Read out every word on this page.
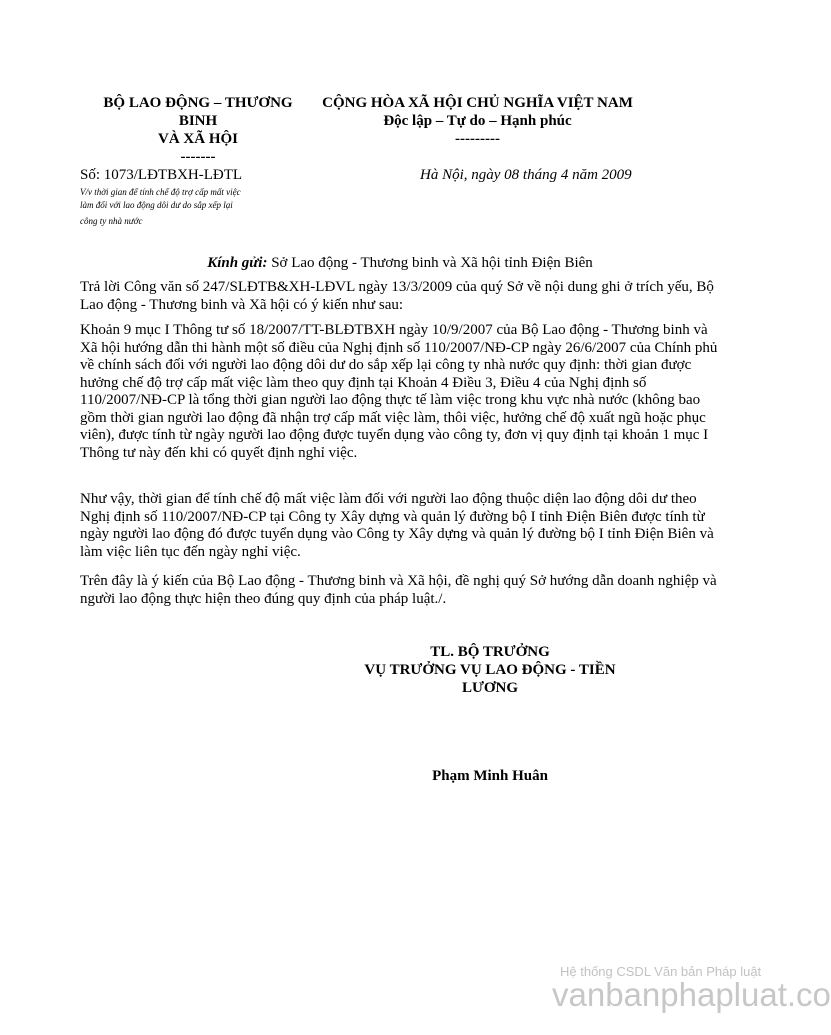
BỘ LAO ĐỘNG – THƯƠNG
BINH
VÀ XÃ HỘI
-------
CỘNG HÒA XÃ HỘI CHỦ NGHĨA VIỆT NAM
Độc lập – Tự do – Hạnh phúc
---------
Số: 1073/LĐTBXH-LĐTL
V/v thời gian để tính chế độ trợ cấp mất việc
làm đối với lao động dôi dư do sắp xếp lại
công ty nhà nước
Hà Nội, ngày 08 tháng 4 năm 2009
Kính gửi: Sở Lao động - Thương binh và Xã hội tỉnh Điện Biên
Trả lời Công văn số 247/SLĐTB&XH-LĐVL ngày 13/3/2009 của quý Sở về nội dung ghi ở trích yếu, Bộ Lao động - Thương binh và Xã hội có ý kiến như sau:
Khoản 9 mục I Thông tư số 18/2007/TT-BLĐTBXH ngày 10/9/2007 của Bộ Lao động - Thương binh và Xã hội hướng dẫn thi hành một số điều của Nghị định số 110/2007/NĐ-CP ngày 26/6/2007 của Chính phủ về chính sách đối với người lao động dôi dư do sắp xếp lại công ty nhà nước quy định: thời gian được hưởng chế độ trợ cấp mất việc làm theo quy định tại Khoản 4 Điều 3, Điều 4 của Nghị định số 110/2007/NĐ-CP là tổng thời gian người lao động thực tế làm việc trong khu vực nhà nước (không bao gồm thời gian người lao động đã nhận trợ cấp mất việc làm, thôi việc, hưởng chế độ xuất ngũ hoặc phục viên), được tính từ ngày người lao động được tuyển dụng vào công ty, đơn vị quy định tại khoản 1 mục I Thông tư này đến khi có quyết định nghỉ việc.
Như vậy, thời gian để tính chế độ mất việc làm đối với người lao động thuộc diện lao động dôi dư theo Nghị định số 110/2007/NĐ-CP tại Công ty Xây dựng và quản lý đường bộ I tỉnh Điện Biên được tính từ ngày người lao động đó được tuyển dụng vào Công ty Xây dựng và quản lý đường bộ I tỉnh Điện Biên và làm việc liên tục đến ngày nghỉ việc.
Trên đây là ý kiến của Bộ Lao động - Thương binh và Xã hội, đề nghị quý Sở hướng dẫn doanh nghiệp và người lao động thực hiện theo đúng quy định của pháp luật./.
TL. BỘ TRƯỞNG
VỤ TRƯỞNG VỤ LAO ĐỘNG - TIỀN
LƯƠNG
Phạm Minh Huân
Hệ thống CSDL Văn bản Pháp luật
vanbanphapluat.co
